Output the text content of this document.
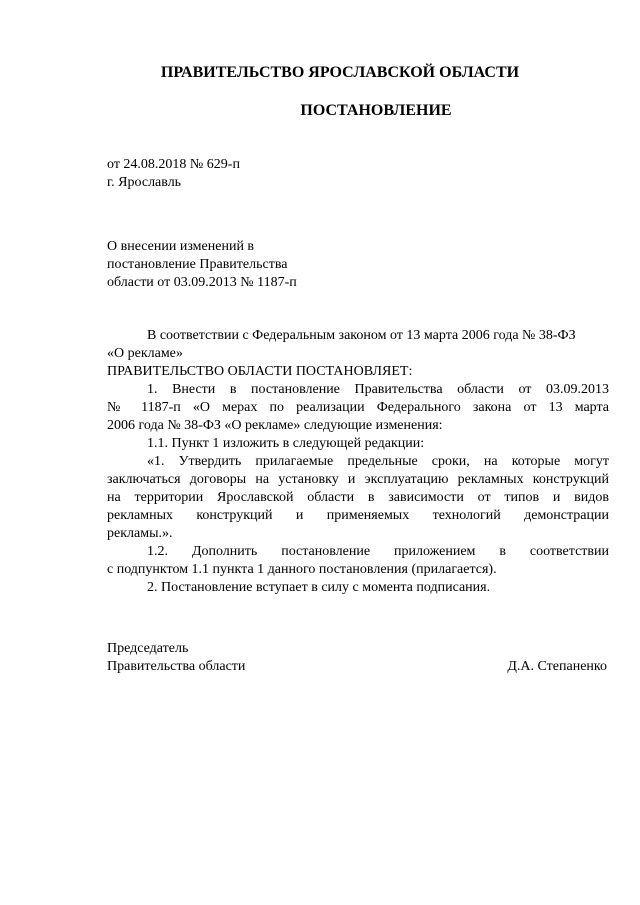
ПРАВИТЕЛЬСТВО ЯРОСЛАВСКОЙ ОБЛАСТИ
ПОСТАНОВЛЕНИЕ
от 24.08.2018 № 629-п
г. Ярославль
О внесении изменений в
постановление Правительства
области от 03.09.2013 № 1187-п
В соответствии с Федеральным законом от 13 марта 2006 года № 38-ФЗ
«О рекламе»
ПРАВИТЕЛЬСТВО ОБЛАСТИ ПОСТАНОВЛЯЕТ:
1. Внести в постановление Правительства области от 03.09.2013
№ 1187-п «О мерах по реализации Федерального закона от 13 марта
2006 года № 38-ФЗ «О рекламе» следующие изменения:
1.1. Пункт 1 изложить в следующей редакции:
«1. Утвердить прилагаемые предельные сроки, на которые могут
заключаться договоры на установку и эксплуатацию рекламных конструкций
на территории Ярославской области в зависимости от типов и видов
рекламных конструкций и применяемых технологий демонстрации
рекламы.».
1.2. Дополнить постановление приложением в соответствии
с подпунктом 1.1 пункта 1 данного постановления (прилагается).
2. Постановление вступает в силу с момента подписания.
Председатель
Правительства области	Д.А. Степаненко
